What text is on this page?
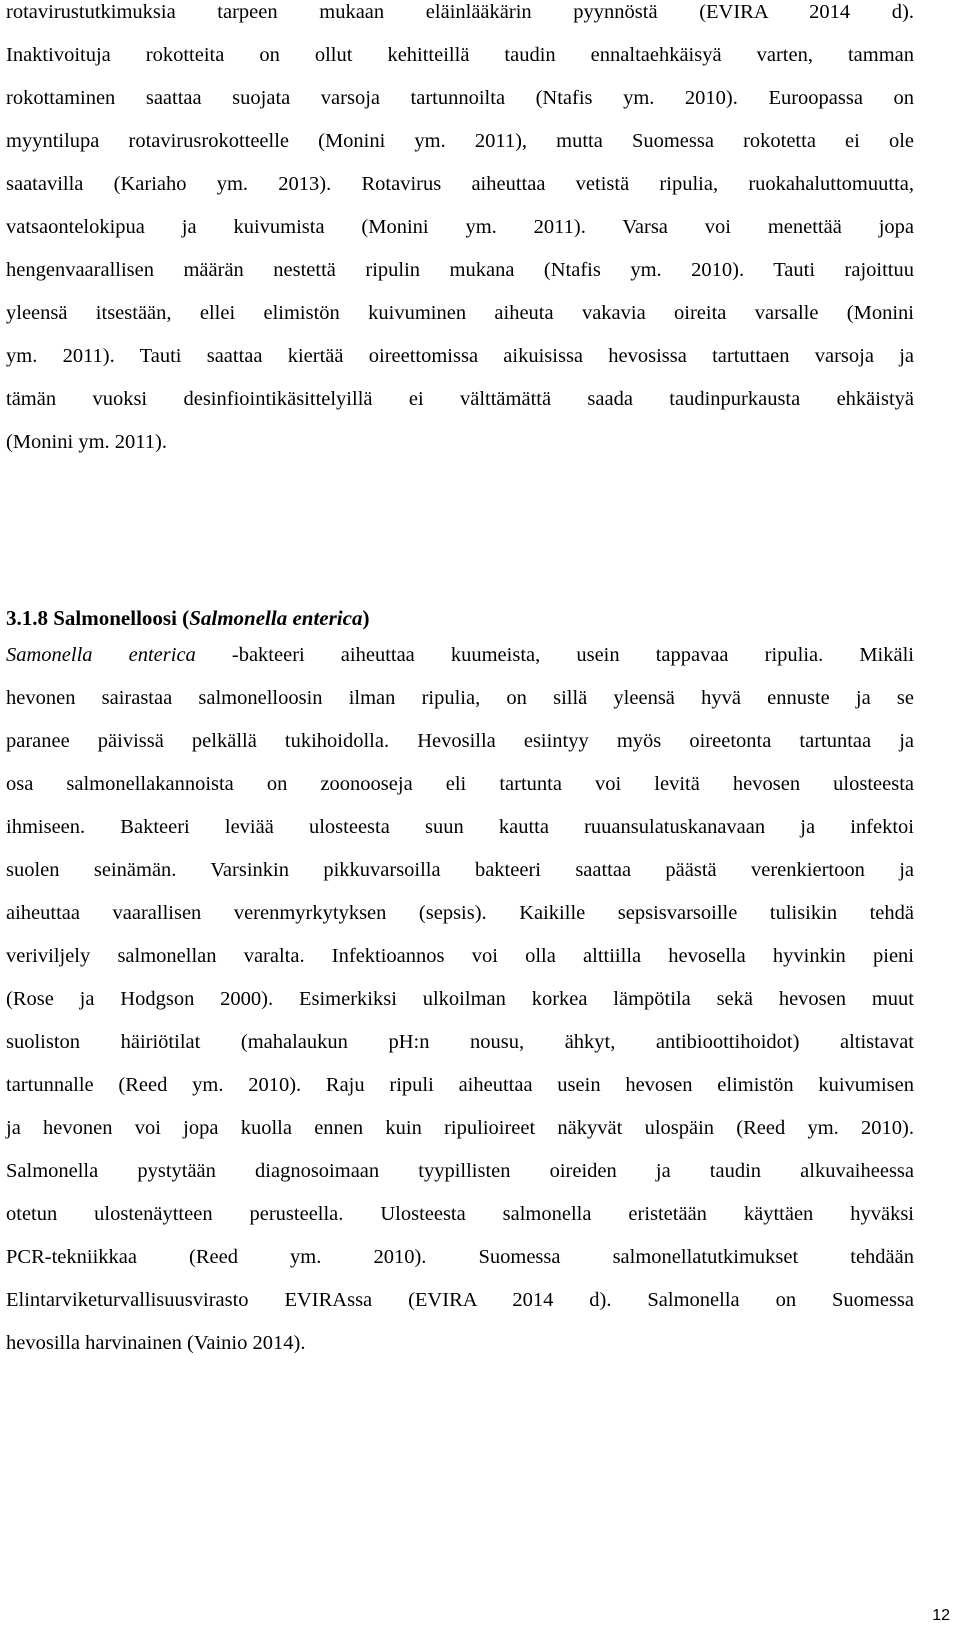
rotavirustutkimuksia tarpeen mukaan eläinlääkärin pyynnöstä (EVIRA 2014 d).
Inaktivoituja rokotteita on ollut kehitteillä taudin ennaltaehkäisyä varten, tamman
rokottaminen saattaa suojata varsoja tartunnoilta (Ntafis ym. 2010). Euroopassa on
myyntilupa rotavirusrokotteelle (Monini ym. 2011), mutta Suomessa rokotetta ei ole
saatavilla (Kariaho ym. 2013). Rotavirus aiheuttaa vetistä ripulia, ruokahaluttomuutta,
vatsaontelokipua ja kuivumista (Monini ym. 2011). Varsa voi menettää jopa
hengenvaarallisen määrän nestettä ripulin mukana (Ntafis ym. 2010). Tauti rajoittuu
yleensä itsestään, ellei elimistön kuivuminen aiheuta vakavia oireita varsalle (Monini
ym. 2011). Tauti saattaa kiertää oireettomissa aikuisissa hevosissa tartuttaen varsoja ja
tämän vuoksi desinfiointikäsittelyillä ei välttämättä saada taudinpurkausta ehkäistyä
(Monini ym. 2011).
3.1.8 Salmonelloosi (Salmonella enterica)
Samonella enterica -bakteeri aiheuttaa kuumeista, usein tappavaa ripulia. Mikäli
hevonen sairastaa salmonelloosin ilman ripulia, on sillä yleensä hyvä ennuste ja se
paranee päivissä pelkällä tukihoidolla. Hevosilla esiintyy myös oireetonta tartuntaa ja
osa salmonellakannoista on zoonooseja eli tartunta voi levitä hevosen ulosteesta
ihmiseen. Bakteeri leviää ulosteesta suun kautta ruuansulatuskanavaan ja infektoi
suolen seinämän. Varsinkin pikkuvarsoilla bakteeri saattaa päästä verenkiertoon ja
aiheuttaa vaarallisen verenmyrkytyksen (sepsis). Kaikille sepsisvarsoille tulisikin tehdä
veriviljely salmonellan varalta. Infektioannos voi olla alttiilla hevosella hyvinkin pieni
(Rose ja Hodgson 2000). Esimerkiksi ulkoilman korkea lämpötila sekä hevosen muut
suoliston häiriötilat (mahalaukun pH:n nousu, ähkyt, antibioottihoidot) altistavat
tartunnalle (Reed ym. 2010). Raju ripuli aiheuttaa usein hevosen elimistön kuivumisen
ja hevonen voi jopa kuolla ennen kuin ripulioireet näkyvät ulospäin (Reed ym. 2010).
Salmonella pystytään diagnosoimaan tyypillisten oireiden ja taudin alkuvaiheessa
otetun ulostenäytteen perusteella. Ulosteesta salmonella eristetään käyttäen hyväksi
PCR-tekniikkaa (Reed ym. 2010). Suomessa salmonellatutkimukset tehdään
Elintarviketurvallisuusvirasto EVIRAssa (EVIRA 2014 d). Salmonella on Suomessa
hevosilla harvinainen (Vainio 2014).
12
